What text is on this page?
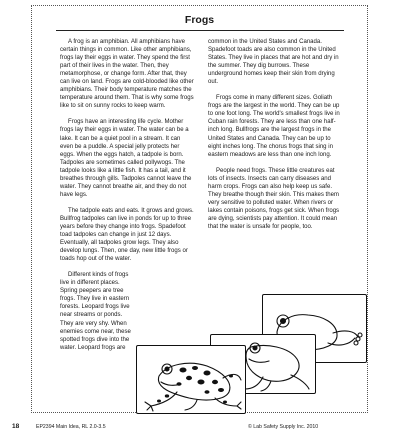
Frogs

A frog is an amphibian. All amphibians have certain things in common. Like other amphibians, frogs lay their eggs in water. They spend the first part of their lives in the water. Then, they metamorphose, or change form. After that, they can live on land. Frogs are cold-blooded like other amphibians. Their body temperature matches the temperature around them. That is why some frogs like to sit on sunny rocks to keep warm.

Frogs have an interesting life cycle. Mother frogs lay their eggs in water. The water can be a lake. It can be a quiet pool in a stream. It can even be a puddle. A special jelly protects her eggs. When the eggs hatch, a tadpole is born. Tadpoles are sometimes called pollywogs. The tadpole looks like a little fish. It has a tail, and it breathes through gills. Tadpoles cannot leave the water. They cannot breathe air, and they do not have legs.

The tadpole eats and eats. It grows and grows. Bullfrog tadpoles can live in ponds for up to three years before they change into frogs. Spadefoot toad tadpoles can change in just 12 days. Eventually, all tadpoles grow legs. They also develop lungs. Then, one day, new little frogs or toads hop out of the water.

Different kinds of frogs live in different places. Spring peepers are tree frogs. They live in eastern forests. Leopard frogs live near streams or ponds. They are very shy. When enemies come near, these spotted frogs dive into the water. Leopard frogs are

common in the United States and Canada. Spadefoot toads are also common in the United States. They live in places that are hot and dry in the summer. They dig burrows. These underground homes keep their skin from drying out.

Frogs come in many different sizes. Goliath frogs are the largest in the world. They can be up to one foot long. The world's smallest frogs live in Cuban rain forests. They are less than one half-inch long. Bullfrogs are the largest frogs in the United States and Canada. They can be up to eight inches long. The chorus frogs that sing in eastern meadows are less than one inch long.

People need frogs. These little creatures eat lots of insects. Insects can carry diseases and harm crops. Frogs can also help keep us safe. They breathe though their skin. This makes them very sensitive to polluted water. When rivers or lakes contain poisons, frogs get sick. When frogs are dying, scientists pay attention. It could mean that the water is unsafe for people, too.

18	EP2394 Main Idea, RL 2.0-3.5	© Lab Safety Supply Inc. 2010
